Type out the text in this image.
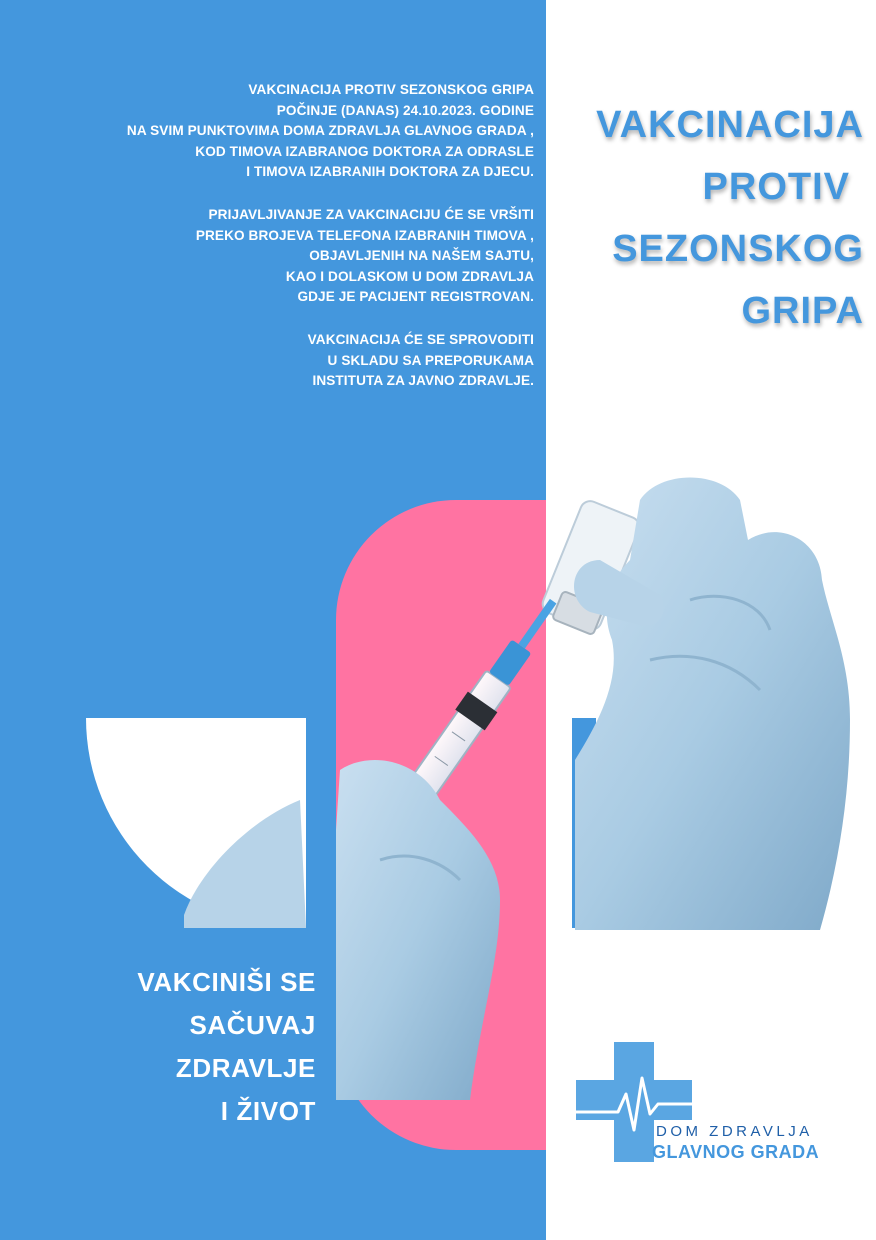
VAKCINACIJA PROTIV SEZONSKOG GRIPA
POČINJE (DANAS) 24.10.2023. GODINE
NA SVIM PUNKTOVIMA DOMA ZDRAVLJA GLAVNOG GRADA ,
KOD TIMOVA IZABRANOG DOKTORA ZA ODRASLE
I TIMOVA IZABRANIH DOKTORA ZA DJECU.

PRIJAVLJIVANJE ZA VAKCINACIJU ĆE SE VRŠITI
PREKO BROJEVA TELEFONA IZABRANIH TIMOVA ,
OBJAVLJENIH NA NAŠEM SAJTU,
KAO I DOLASKOM U DOM ZDRAVLJA
GDJE JE PACIJENT REGISTROVAN.

VAKCINACIJA ĆE SE SPROVODITI
U SKLADU SA PREPORUKAMA
INSTITUTA ZA JAVNO ZDRAVLJE.

VAKCINACIJA
PROTIV
SEZONSKOG
GRIPA
VAKCINIŠI SE
SAČUVAJ
ZDRAVLJE
I ŽIVOT
DOM ZDRAVLJA
GLAVNOG GRADA
